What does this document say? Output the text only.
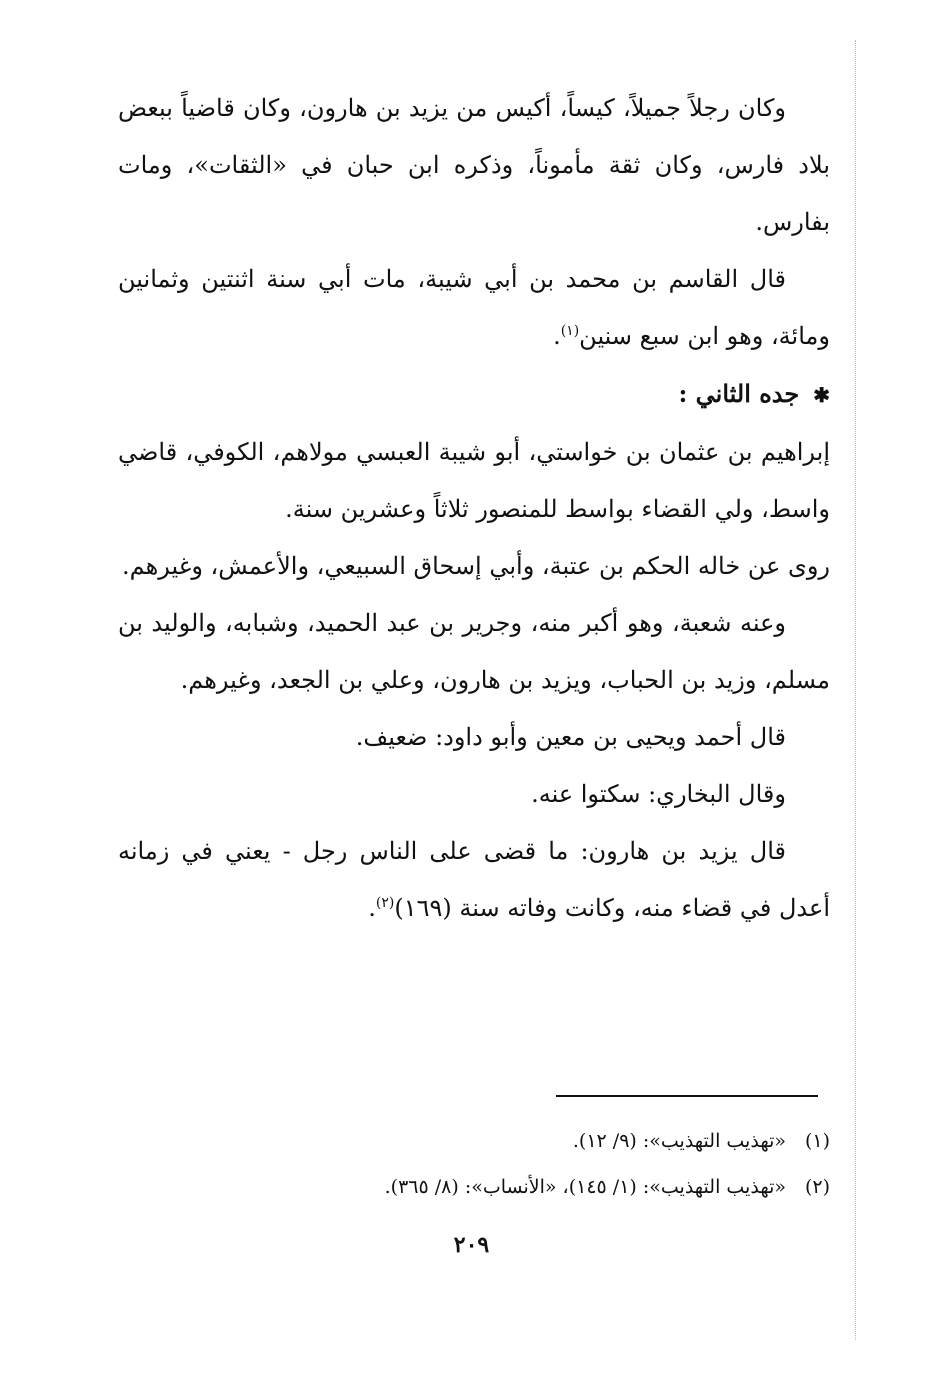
وكان رجلاً جميلاً، كيساً، أكيس من يزيد بن هارون، وكان قاضياً ببعض بلاد فارس، وكان ثقة مأموناً، وذكره ابن حبان في «الثقات»، ومات بفارس.

قال القاسم بن محمد بن أبي شيبة، مات أبي سنة اثنتين وثمانين ومائة، وهو ابن سبع سنين$^{(١)}$.

✱جده الثاني :

إبراهيم بن عثمان بن خواستي، أبو شيبة العبسي مولاهم، الكوفي، قاضي واسط، ولي القضاء بواسط للمنصور ثلاثاً وعشرين سنة.

روى عن خاله الحكم بن عتبة، وأبي إسحاق السبيعي، والأعمش، وغيرهم.

وعنه شعبة، وهو أكبر منه، وجرير بن عبد الحميد، وشبابه، والوليد بن مسلم، وزيد بن الحباب، ويزيد بن هارون، وعلي بن الجعد، وغيرهم.

قال أحمد ويحيى بن معين وأبو داود: ضعيف.

وقال البخاري: سكتوا عنه.

قال يزيد بن هارون: ما قضى على الناس رجل - يعني في زمانه أعدل في قضاء منه، وكانت وفاته سنة (١٦٩)$^{(٢)}$.

(١)«تهذيب التهذيب»: (٩/ ١٢).

(٢)«تهذيب التهذيب»: (١/ ١٤٥)، «الأنساب»: (٨/ ٣٦٥).

٢٠٩
